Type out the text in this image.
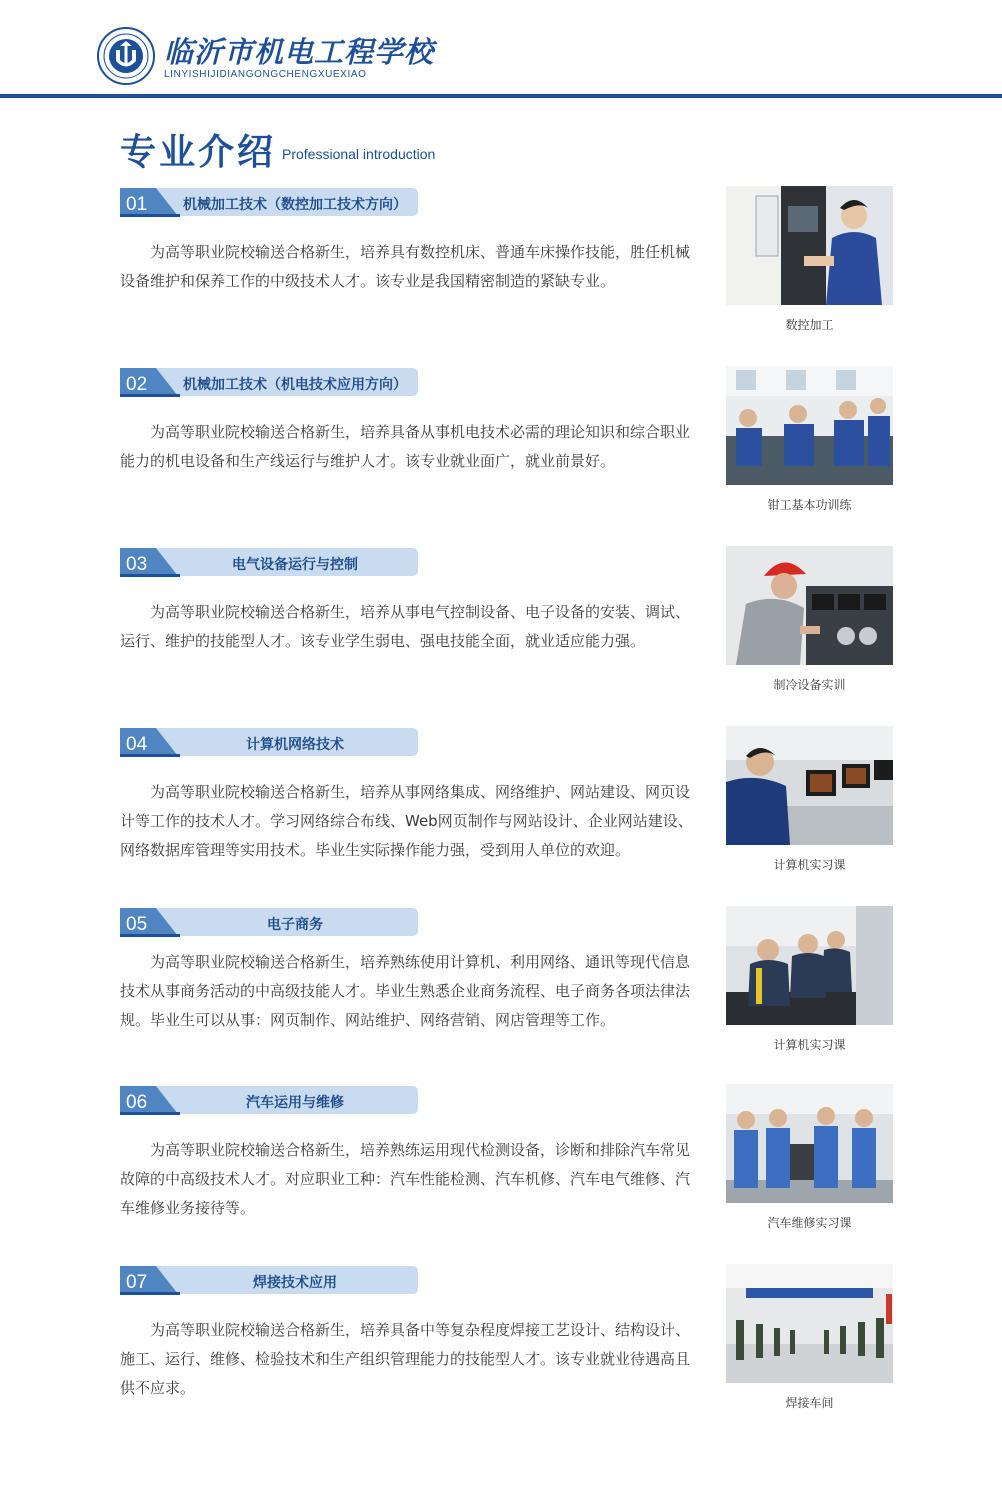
临沂市机电工程学校
LINYISHIJIDIANGONGCHENGXUEXIAO
专业介绍 Professional introduction
01	机械加工技术（数控加工技术方向）

为高等职业院校输送合格新生，培养具有数控机床、普通车床操作技能，胜任机械设备维护和保养工作的中级技术人才。该专业是我国精密制造的紧缺专业。

数控加工
02	机械加工技术（机电技术应用方向）

为高等职业院校输送合格新生，培养具备从事机电技术必需的理论知识和综合职业能力的机电设备和生产线运行与维护人才。该专业就业面广，就业前景好。

钳工基本功训练
03	电气设备运行与控制

为高等职业院校输送合格新生，培养从事电气控制设备、电子设备的安装、调试、运行、维护的技能型人才。该专业学生弱电、强电技能全面，就业适应能力强。

制冷设备实训
04	计算机网络技术

为高等职业院校输送合格新生，培养从事网络集成、网络维护、网站建设、网页设计等工作的技术人才。学习网络综合布线、Web网页制作与网站设计、企业网站建设、网络数据库管理等实用技术。毕业生实际操作能力强，受到用人单位的欢迎。

计算机实习课
05	电子商务

为高等职业院校输送合格新生，培养熟练使用计算机、利用网络、通讯等现代信息技术从事商务活动的中高级技能人才。毕业生熟悉企业商务流程、电子商务各项法律法规。毕业生可以从事：网页制作、网站维护、网络营销、网店管理等工作。

计算机实习课
06	汽车运用与维修

为高等职业院校输送合格新生，培养熟练运用现代检测设备，诊断和排除汽车常见故障的中高级技术人才。对应职业工种：汽车性能检测、汽车机修、汽车电气维修、汽车维修业务接待等。

汽车维修实习课
07	焊接技术应用

为高等职业院校输送合格新生，培养具备中等复杂程度焊接工艺设计、结构设计、施工、运行、维修、检验技术和生产组织管理能力的技能型人才。该专业就业待遇高且供不应求。

焊接车间
